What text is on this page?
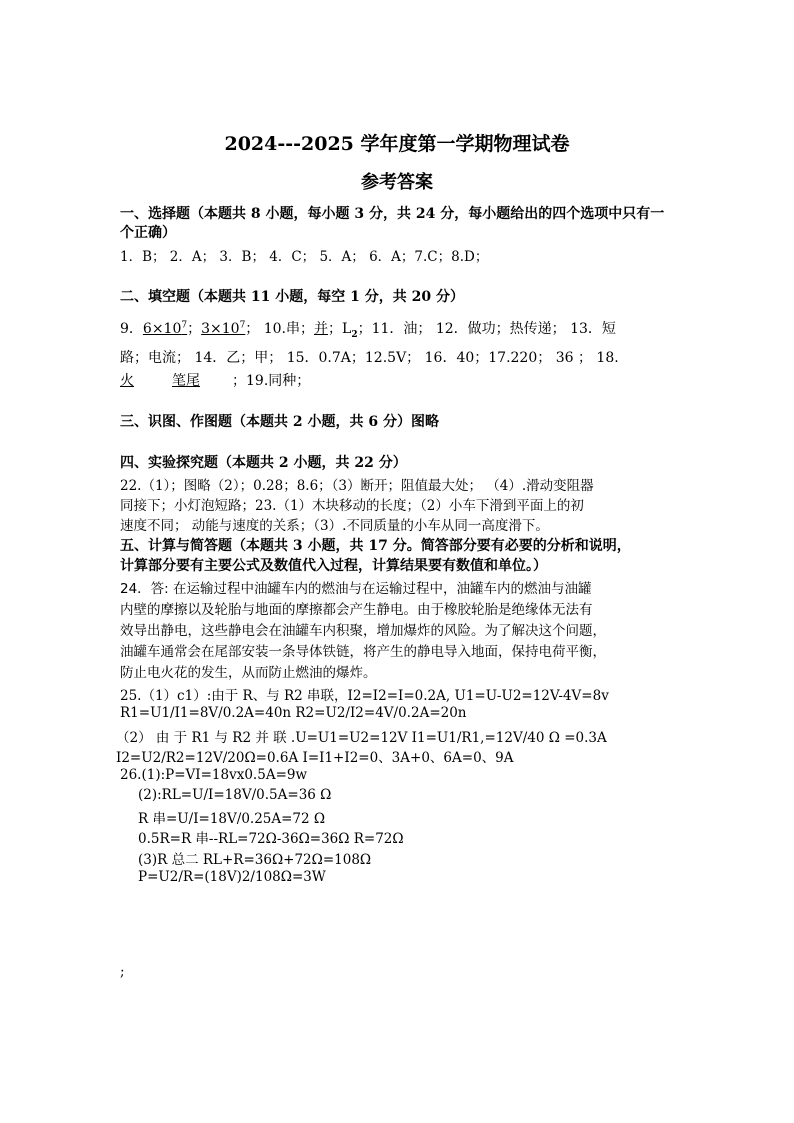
2024---2025 学年度第一学期物理试卷
参考答案
一、选择题（本题共 8 小题，每小题 3 分，共 24 分，每小题给出的四个选项中只有一
个正确）
1．B； 2．A； 3．B； 4．C； 5．A； 6．A；7.C；8.D；
二、填空题（本题共 11 小题，每空 1 分，共 20 分）
9．$6\times 10^7$；$3\times 10^7$； 10.串；并；$L_2$；11．油； 12．做功；热传递； 13．短
路；电流； 14．乙；甲； 15．0.7A；12.5V； 16．40；17.220； 36 ； 18.
火	笔尾 ；19.同种；
三、识图、作图题（本题共 2 小题，共 6 分）图略
四、实验探究题（本题共 2 小题，共 22 分）
22.（1）；图略（2）；0.28；8.6；（3）断开；阻值最大处； （4）.滑动变阻器
同接下；小灯泡短路；23.（1）木块移动的长度；（2）小车下滑到平面上的初
速度不同； 动能与速度的关系；（3）.不同质量的小车从同一高度滑下。
五、计算与简答题（本题共 3 小题，共 17 分。简答部分要有必要的分析和说明，
计算部分要有主要公式及数值代入过程，计算结果要有数值和单位。）
24．答: 在运输过程中油罐车内的燃油与在运输过程中，油罐车内的燃油与油罐
内壁的摩擦以及轮胎与地面的摩擦都会产生静电。由于橡胶轮胎是绝缘体无法有
效导出静电，这些静电会在油罐车内积聚，增加爆炸的风险。为了解决这个问题，
油罐车通常会在尾部安装一条导体铁链，将产生的静电导入地面，保持电荷平衡，
防止电火花的发生，从而防止燃油的爆炸。
25.（1）c1）:由于 R、与 R2 串联，I2=I2=I=0.2A, U1=U-U2=12V-4V=8v
R1=U1/I1=8V/0.2A=40n R2=U2/I2=4V/0.2A=20n
（2） 由 于 R1 与 R2 并 联 .U=U1=U2=12V I1=U1/R1,=12V/40 Ω =0.3A
I2=U2/R2=12V/20Ω=0.6A I=I1+I2=0、3A+0、6A=0、9A
26.(1):P=VI=18vx0.5A=9w
(2):RL=U/I=18V/0.5A=36 Ω
R 串=U/I=18V/0.25A=72 Ω
0.5R=R 串--RL=72Ω-36Ω=36Ω R=72Ω
(3)R 总二 RL+R=36Ω+72Ω=108Ω
P=U2/R=(18V)2/108Ω=3W
;
